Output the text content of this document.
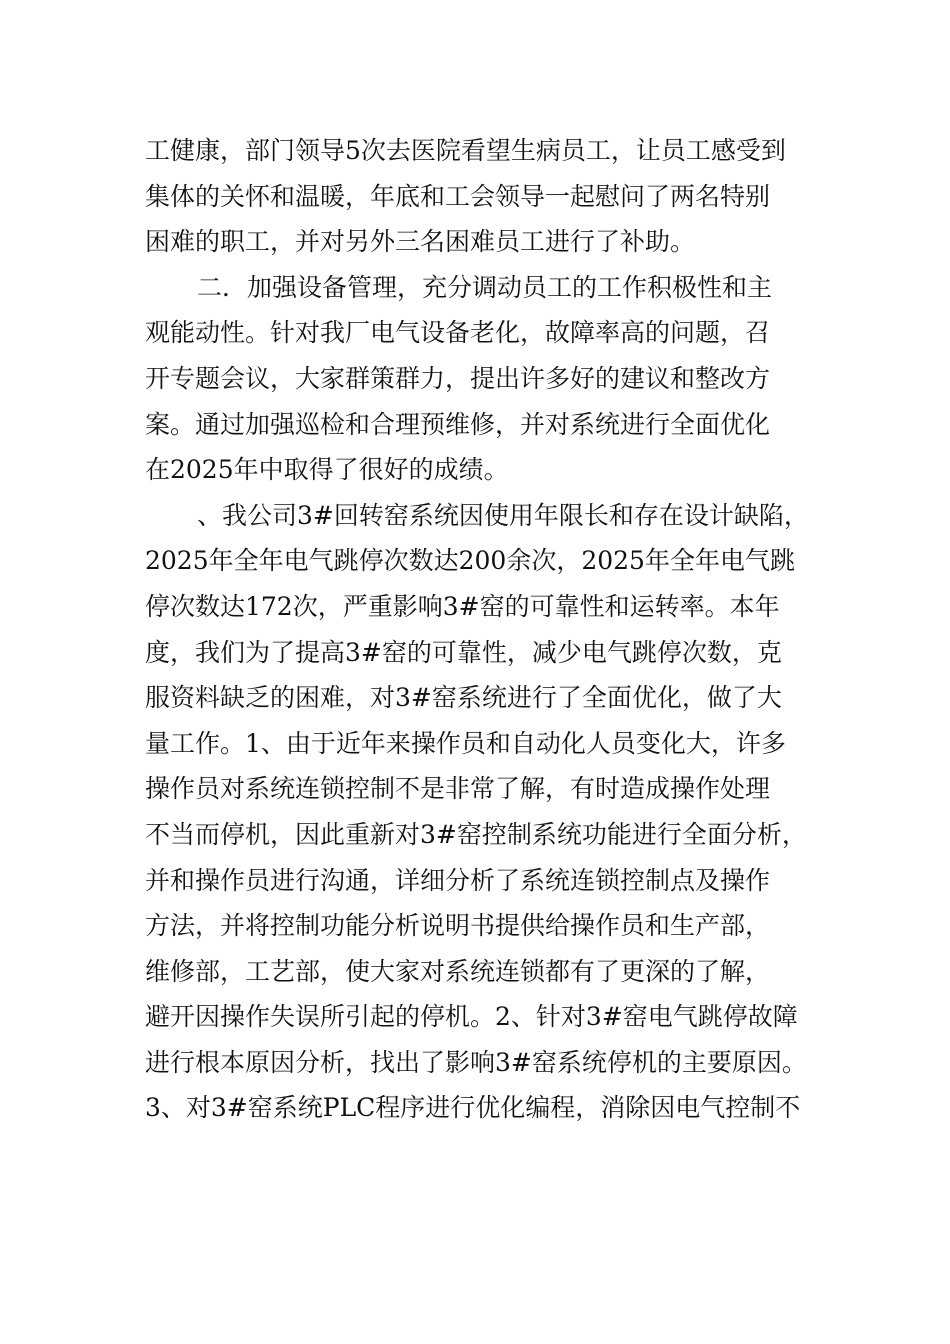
工健康，部门领导5次去医院看望生病员工，让员工感受到
集体的关怀和温暖，年底和工会领导一起慰问了两名特别
困难的职工，并对另外三名困难员工进行了补助。
二．加强设备管理，充分调动员工的工作积极性和主
观能动性。针对我厂电气设备老化，故障率高的问题，召
开专题会议，大家群策群力，提出许多好的建议和整改方
案。通过加强巡检和合理预维修，并对系统进行全面优化
在2025年中取得了很好的成绩。
、我公司3#回转窑系统因使用年限长和存在设计缺陷，
2025年全年电气跳停次数达200余次，2025年全年电气跳
停次数达172次，严重影响3#窑的可靠性和运转率。本年
度，我们为了提高3#窑的可靠性，减少电气跳停次数，克
服资料缺乏的困难，对3#窑系统进行了全面优化，做了大
量工作。1、由于近年来操作员和自动化人员变化大，许多
操作员对系统连锁控制不是非常了解，有时造成操作处理
不当而停机，因此重新对3#窑控制系统功能进行全面分析，
并和操作员进行沟通，详细分析了系统连锁控制点及操作
方法，并将控制功能分析说明书提供给操作员和生产部，
维修部，工艺部，使大家对系统连锁都有了更深的了解，
避开因操作失误所引起的停机。2、针对3#窑电气跳停故障
进行根本原因分析，找出了影响3#窑系统停机的主要原因。
3、对3#窑系统PLC程序进行优化编程，消除因电气控制不
